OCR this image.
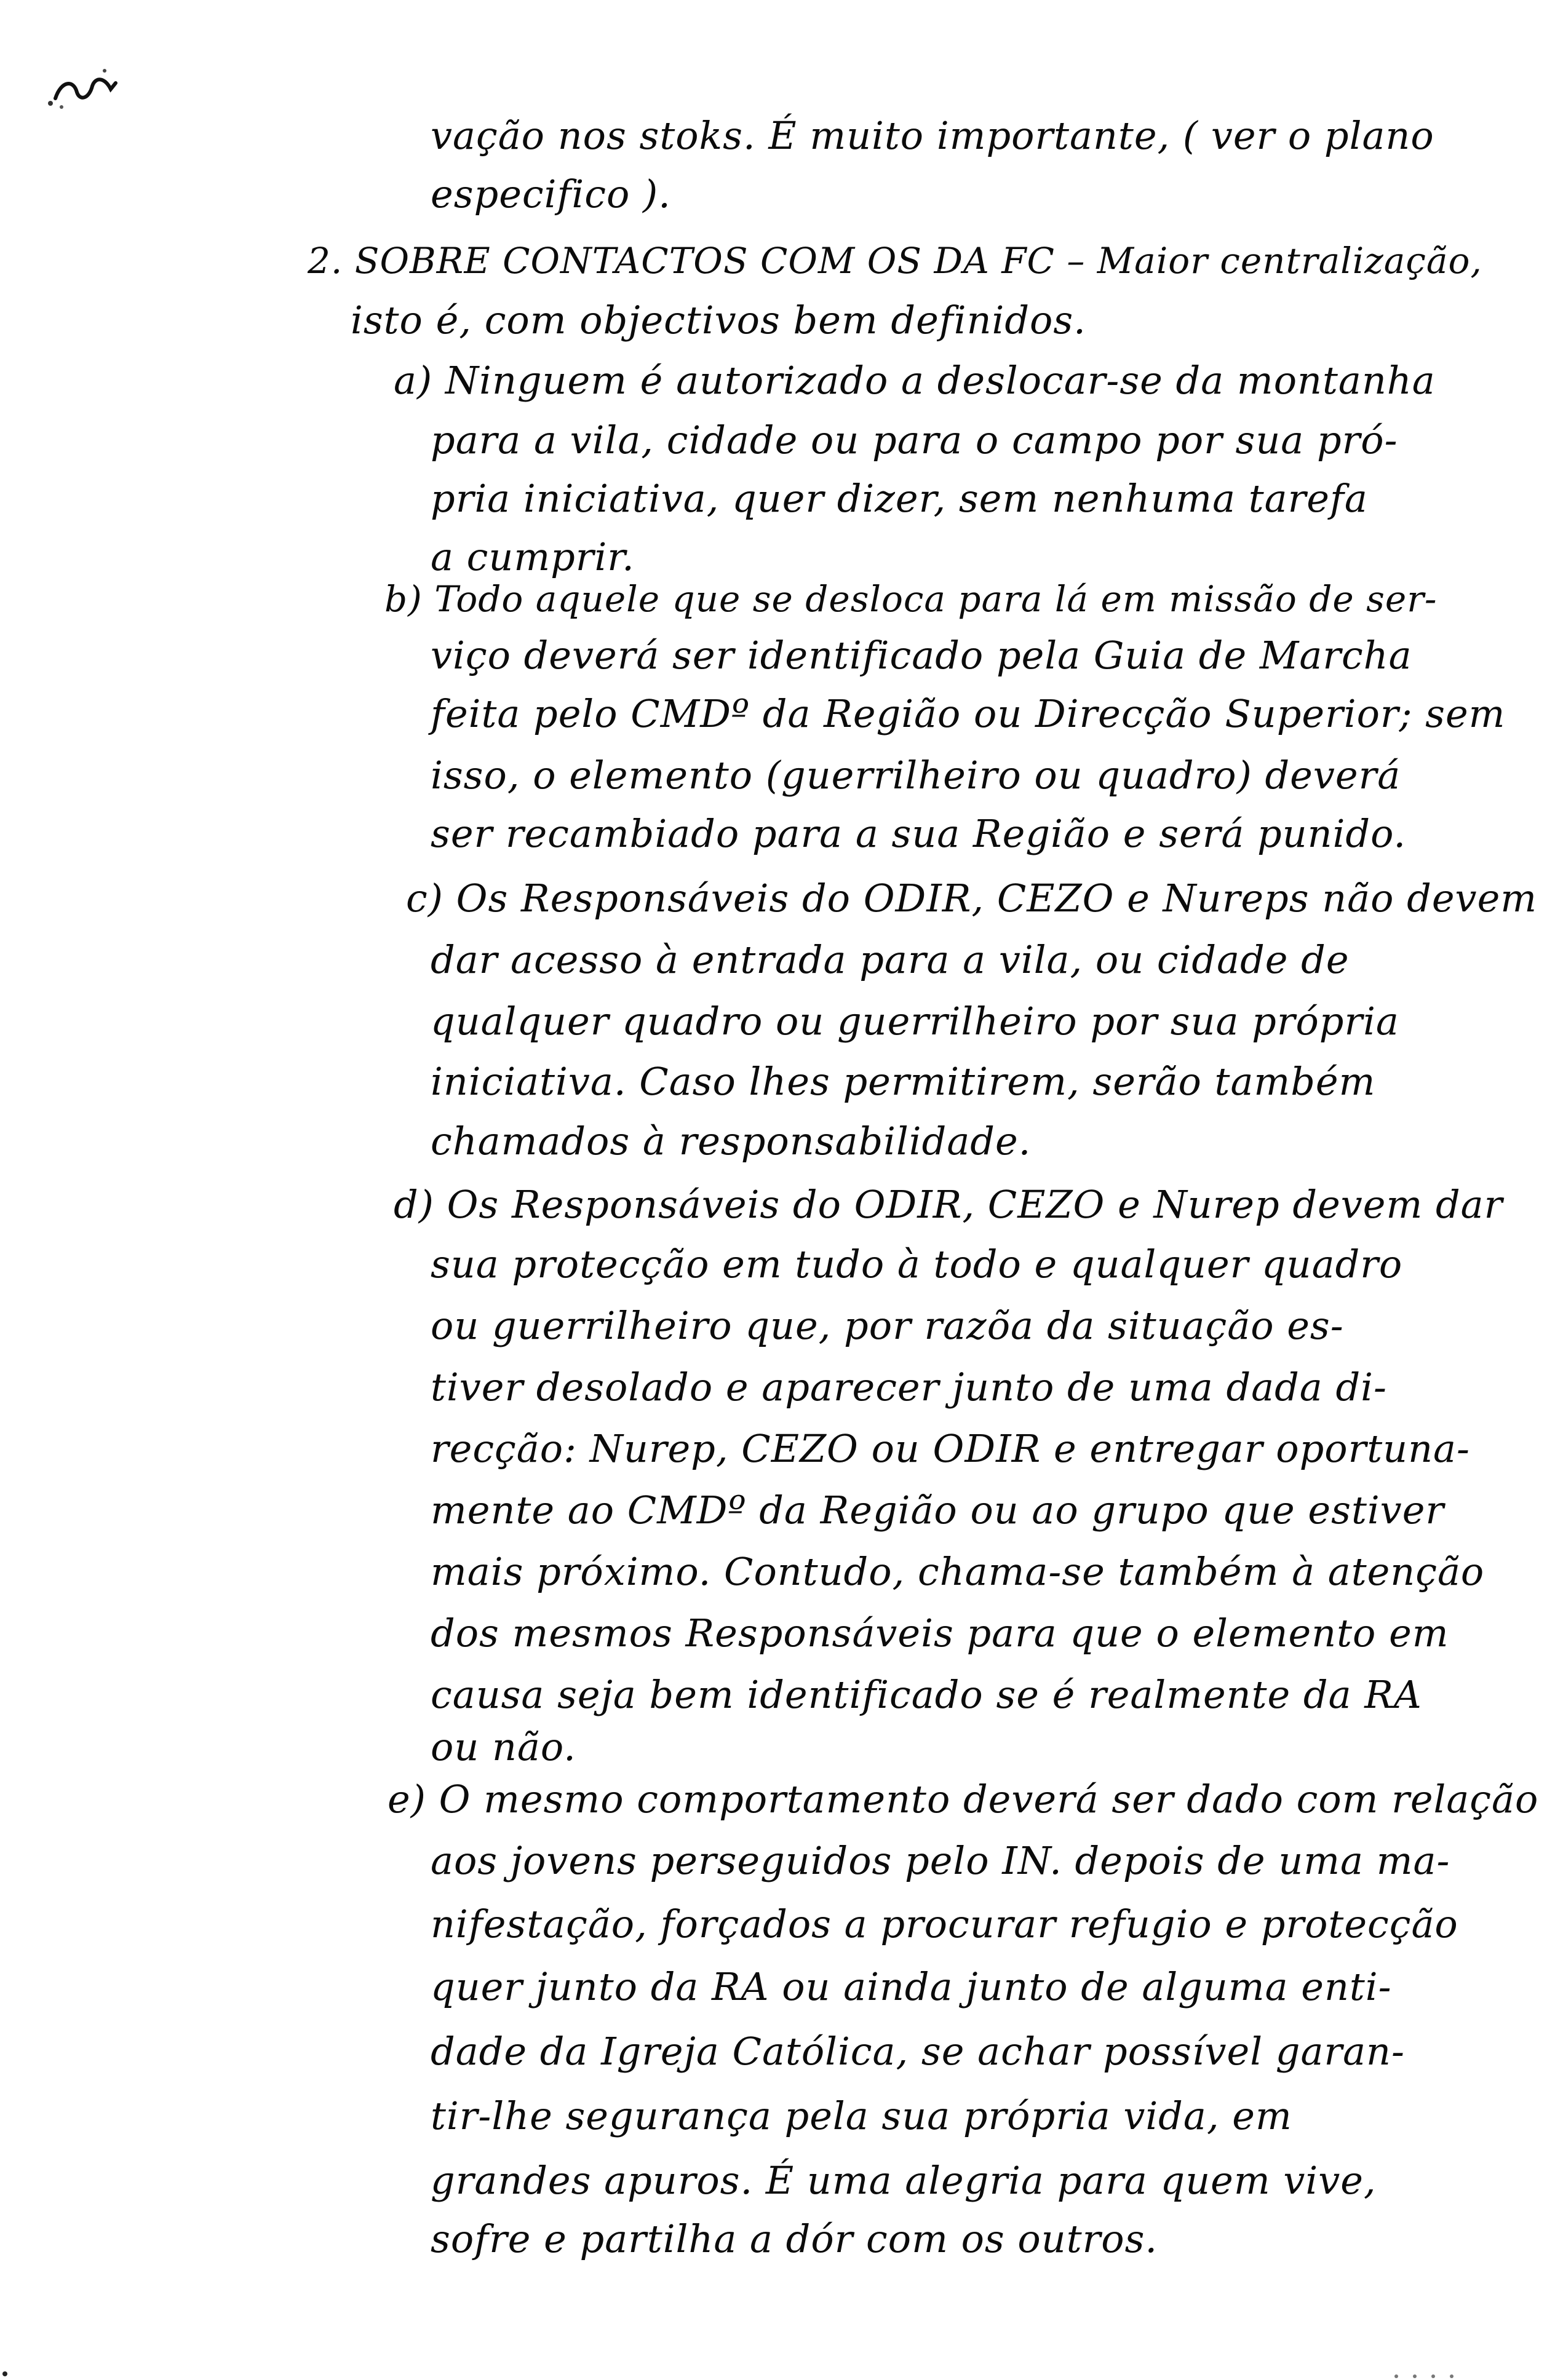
vação nos stoks. É muito importante, ( ver o plano
especifico ).
2. SOBRE CONTACTOS COM OS DA FC – Maior centralização,
isto é, com objectivos bem definidos.
a) Ninguem é autorizado a deslocar-se da montanha
para a vila, cidade ou para o campo por sua pró-
pria iniciativa, quer dizer, sem nenhuma tarefa
a cumprir.
b) Todo aquele que se desloca para lá em missão de ser-
viço deverá ser identificado pela Guia de Marcha
feita pelo CMDº da Região ou Direcção Superior; sem
isso, o elemento (guerrilheiro ou quadro) deverá
ser recambiado para a sua Região e será punido.
c) Os Responsáveis do ODIR, CEZO e Nureps não devem
dar acesso à entrada para a vila, ou cidade de
qualquer quadro ou guerrilheiro por sua própria
iniciativa. Caso lhes permitirem, serão também
chamados à responsabilidade.
d) Os Responsáveis do ODIR, CEZO e Nurep devem dar
sua protecção em tudo à todo e qualquer quadro
ou guerrilheiro que, por razõa da situação es-
tiver desolado e aparecer junto de uma dada di-
recção: Nurep, CEZO ou ODIR e entregar oportuna-
mente ao CMDº da Região ou ao grupo que estiver
mais próximo. Contudo, chama-se também à atenção
dos mesmos Responsáveis para que o elemento em
causa seja bem identificado se é realmente da RA
ou não.
e) O mesmo comportamento deverá ser dado com relação
aos jovens perseguidos pelo IN. depois de uma ma-
nifestação, forçados a procurar refugio e protecção
quer junto da RA ou ainda junto de alguma enti-
dade da Igreja Católica, se achar possível garan-
tir-lhe segurança pela sua própria vida, em
grandes apuros. É uma alegria para quem vive,
sofre e partilha a dór com os outros.
